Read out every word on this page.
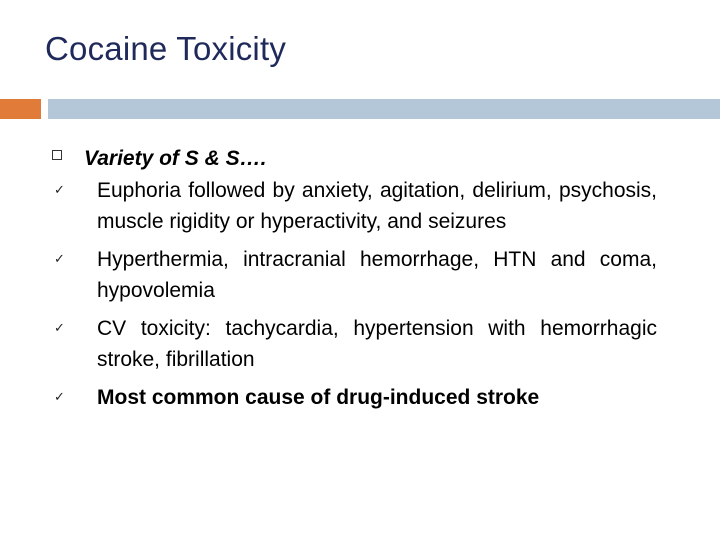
Cocaine Toxicity
Variety of S & S….
✓ Euphoria followed by anxiety, agitation, delirium, psychosis, muscle rigidity or hyperactivity, and seizures
✓ Hyperthermia, intracranial hemorrhage, HTN and coma, hypovolemia
✓ CV toxicity: tachycardia, hypertension with hemorrhagic stroke, fibrillation
✓ Most common cause of drug-induced stroke
